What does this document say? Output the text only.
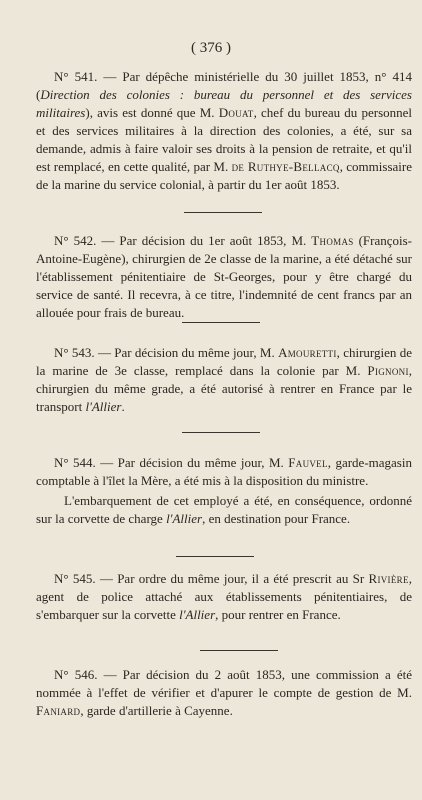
( 376 )

N° 541. — Par dépêche ministérielle du 30 juillet 1853, n° 414 (Direction des colonies : bureau du personnel et des services militaires), avis est donné que M. Douat, chef du bureau du personnel et des services militaires à la direction des colonies, a été, sur sa demande, admis à faire valoir ses droits à la pension de retraite, et qu'il est remplacé, en cette qualité, par M. de Ruthye-Bellacq, commissaire de la marine du service colonial, à partir du 1er août 1853.

N° 542. — Par décision du 1er août 1853, M. Thomas (François-Antoine-Eugène), chirurgien de 2e classe de la marine, a été détaché sur l'établissement pénitentiaire de St-Georges, pour y être chargé du service de santé. Il recevra, à ce titre, l'indemnité de cent francs par an allouée pour frais de bureau.

N° 543. — Par décision du même jour, M. Amouretti, chirurgien de la marine de 3e classe, remplacé dans la colonie par M. Pignoni, chirurgien du même grade, a été autorisé à rentrer en France par le transport l'Allier.

N° 544. — Par décision du même jour, M. Fauvel, garde-magasin comptable à l'îlet la Mère, a été mis à la disposition du ministre.

L'embarquement de cet employé a été, en conséquence, ordonné sur la corvette de charge l'Allier, en destination pour France.

N° 545. — Par ordre du même jour, il a été prescrit au Sr Rivière, agent de police attaché aux établissements pénitentiaires, de s'embarquer sur la corvette l'Allier, pour rentrer en France.

N° 546. — Par décision du 2 août 1853, une commission a été nommée à l'effet de vérifier et d'apurer le compte de gestion de M. Faniard, garde d'artillerie à Cayenne.
